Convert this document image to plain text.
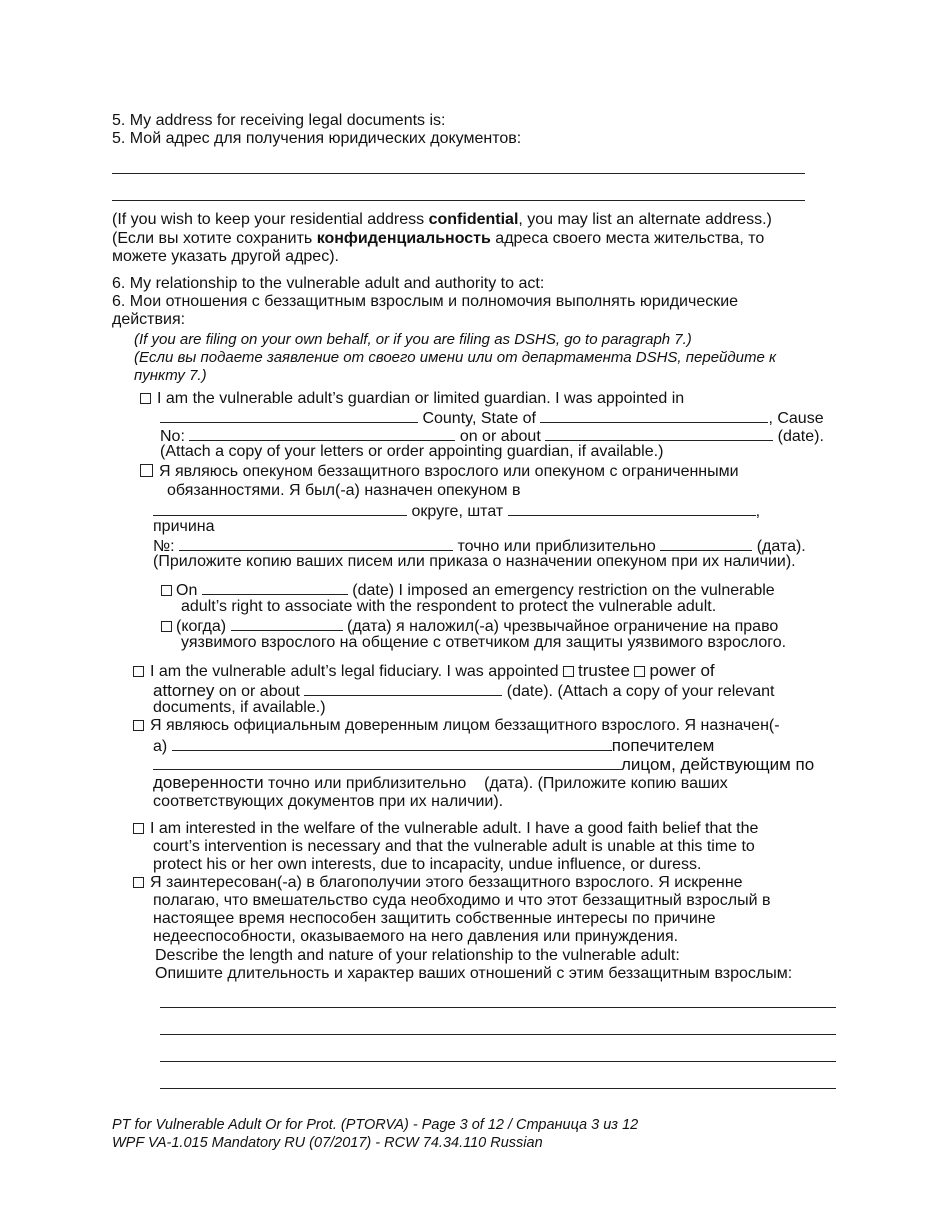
5. My address for receiving legal documents is:
5. Мой адрес для получения юридических документов:
(If you wish to keep your residential address confidential, you may list an alternate address.)
(Если вы хотите сохранить конфиденциальность адреса своего места жительства, то
можете указать другой адрес).
6. My relationship to the vulnerable adult and authority to act:
6. Мои отношения с беззащитным взрослым и полномочия выполнять юридические
действия:
(If you are filing on your own behalf, or if you are filing as DSHS, go to paragraph 7.)
(Если вы подаете заявление от своего имени или от департамента DSHS, перейдите к
пункту 7.)
I am the vulnerable adult’s guardian or limited guardian. I was appointed in
County, State of	, Cause
No:	on or about	(date).
(Attach a copy of your letters or order appointing guardian, if available.)
Я являюсь опекуном беззащитного взрослого или опекуном с ограниченными
обязанностями. Я был(-а) назначен опекуном в
округе, штат	,
причина
№:	точно или приблизительно	(дата).
(Приложите копию ваших писем или приказа о назначении опекуном при их наличии).
On	(date) I imposed an emergency restriction on the vulnerable
adult’s right to associate with the respondent to protect the vulnerable adult.
(когда)	(дата) я наложил(-а) чрезвычайное ограничение на право
уязвимого взрослого на общение с ответчиком для защиты уязвимого взрослого.
I am the vulnerable adult’s legal fiduciary. I was appointed trustee power of
attorney on or about	(date). (Attach a copy of your relevant
documents, if available.)
Я являюсь официальным доверенным лицом беззащитного взрослого. Я назначен(-
а)	попечителем
лицом, действующим по
доверенности точно или приблизительно (дата). (Приложите копию ваших
соответствующих документов при их наличии).
I am interested in the welfare of the vulnerable adult. I have a good faith belief that the
court’s intervention is necessary and that the vulnerable adult is unable at this time to
protect his or her own interests, due to incapacity, undue influence, or duress.
Я заинтересован(-а) в благополучии этого беззащитного взрослого. Я искренне
полагаю, что вмешательство суда необходимо и что этот беззащитный взрослый в
настоящее время неспособен защитить собственные интересы по причине
недееспособности, оказываемого на него давления или принуждения.
Describe the length and nature of your relationship to the vulnerable adult:
Опишите длительность и характер ваших отношений с этим беззащитным взрослым:
PT for Vulnerable Adult Or for Prot. (PTORVA) - Page 3 of 12 / Страница 3 из 12
WPF VA-1.015 Mandatory RU (07/2017) - RCW 74.34.110 Russian
